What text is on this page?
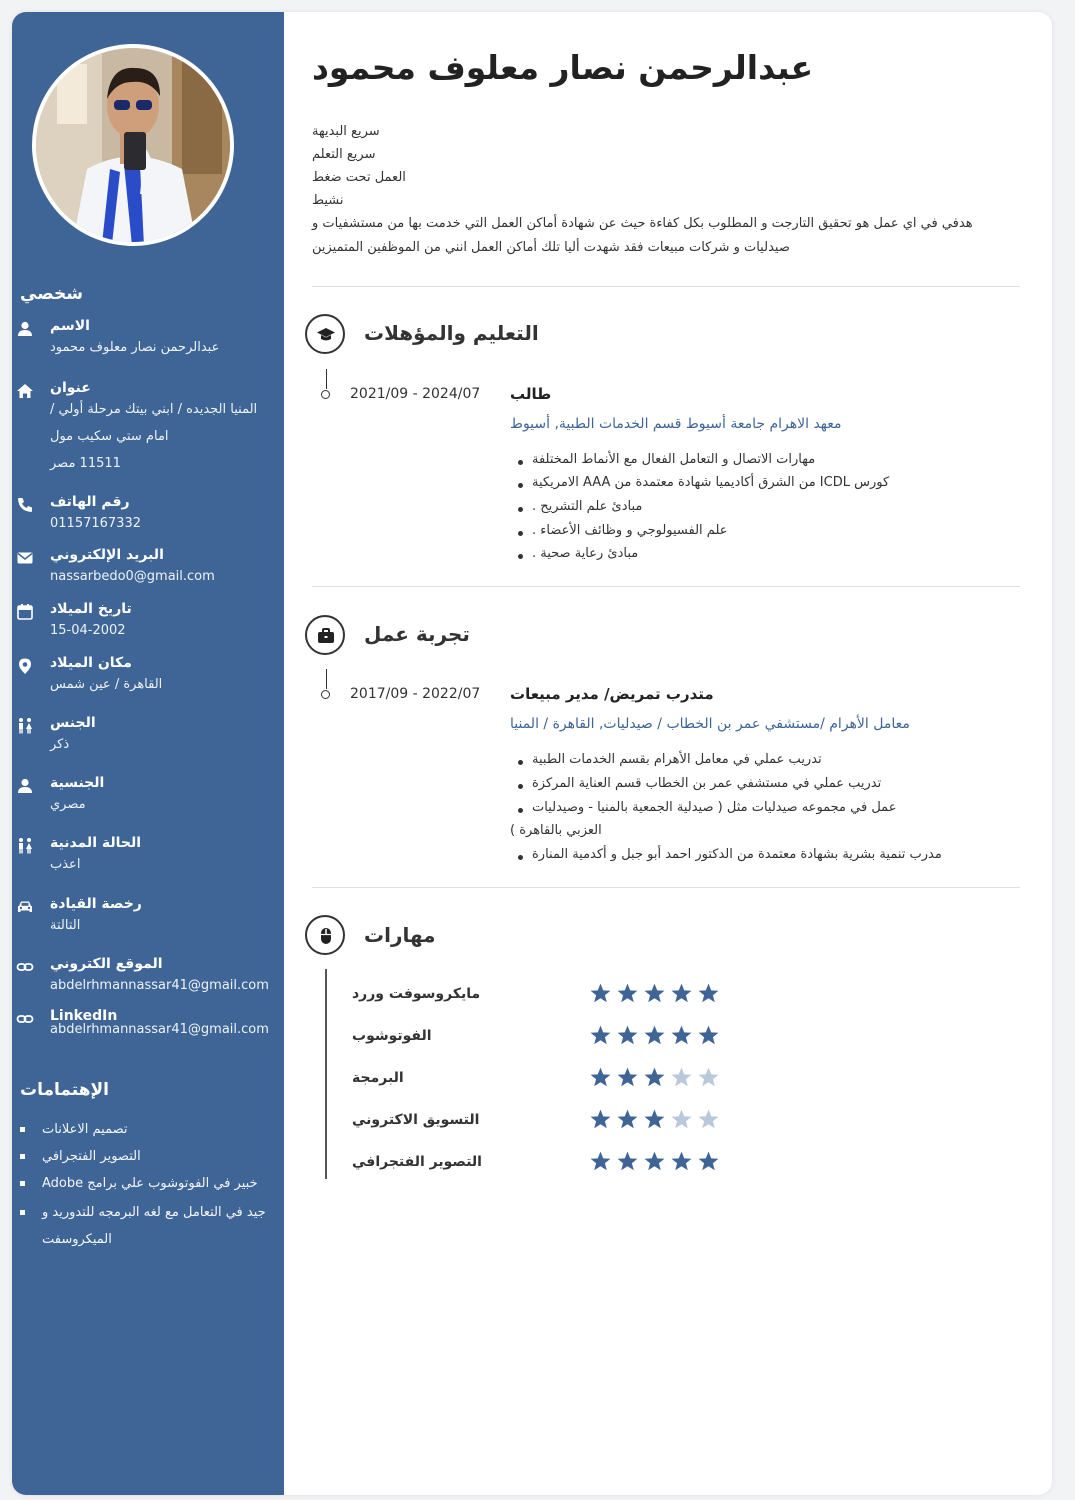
شخصي
الاسم
عبدالرحمن نصار معلوف محمود
عنوان
المنيا الجديده / ابني بيتك مرحلة أولي /
امام ستي سكيب مول
11511 مصر
رقم الهاتف
01157167332
البريد الإلكتروني
nassarbedo0@gmail.com
تاريخ الميلاد
15-04-2002
مكان الميلاد
القاهرة / عين شمس
الجنس
ذكر
الجنسية
مصري
الحالة المدنية
اعذب
رخصة القيادة
التالتة
الموقع الكتروني
abdelrhmannassar41@gmail.com
LinkedIn
abdelrhmannassar41@gmail.com
الإهتمامات
تصميم الاعلانات
التصوير الفتجرافي
خبير في الفوتوشوب علي برامج Adobe
جيد في التعامل مع لغه البرمجه للتدوريد و
الميكروسفت
عبدالرحمن نصار معلوف محمود
سريع البديهة
سريع التعلم
العمل تحت ضغط
نشيط
هدفي في اي عمل هو تحقيق التارجت و المطلوب بكل كفاءة حيث عن شهادة أماكن العمل التي خدمت بها من مستشفيات و
صيدليات و شركات مبيعات فقد شهدت أليا تلك أماكن العمل انني من الموظفين المتميزين
التعليم والمؤهلات
2021/09 - 2024/07 طالب
معهد الاهرام جامعة أسيوط قسم الخدمات الطبية, أسيوط
مهارات الاتصال و التعامل الفعال مع الأنماط المختلفة
كورس ICDL من الشرق أكاديميا شهادة معتمدة من AAA الامريكية
مبادئ علم التشريح .
علم الفسيولوجي و وظائف الأعضاء .
مبادئ رعاية صحية .
تجربة عمل
2017/09 - 2022/07 متدرب تمريض/ مدير مبيعات
معامل الأهرام /مستشفي عمر بن الخطاب / صيدليات, القاهرة / المنيا
تدريب عملي في معامل الأهرام بقسم الخدمات الطبية
تدريب عملي في مستشفي عمر بن الخطاب قسم العناية المركزة
عمل في مجموعه صيدليات مثل ( صيدلية الجمعية بالمنيا - وصيدليات
العزبي بالقاهرة )
مدرب تنمية بشرية بشهادة معتمدة من الدكتور احمد أبو جبل و أكدمية المنارة
مهارات
مايكروسوفت وررد
الفوتوشوب
البرمجة
التسويق الاكتروني
التصوير الفتجرافي
